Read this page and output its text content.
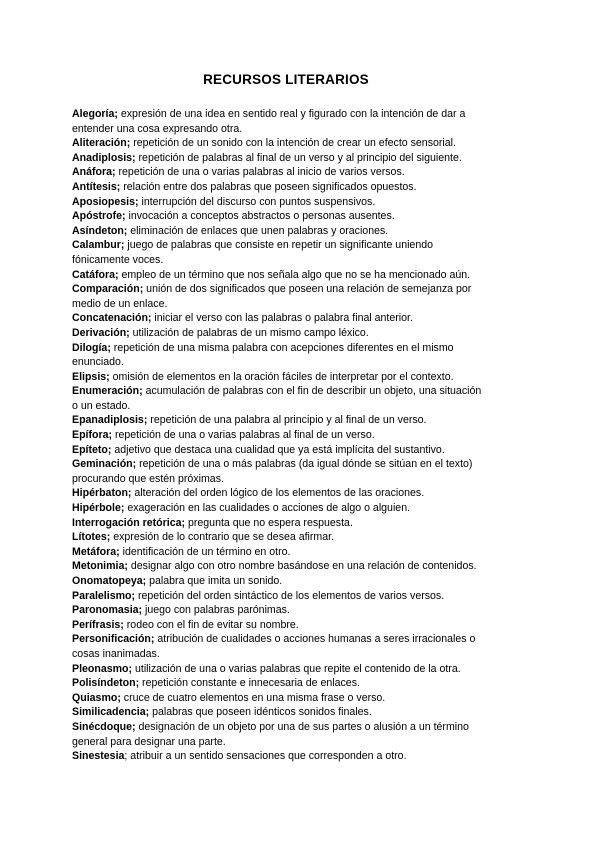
RECURSOS LITERARIOS
Alegoría; expresión de una idea en sentido real y figurado con la intención de dar a entender una cosa expresando otra.
Aliteración; repetición de un sonido con la intención de crear un efecto sensorial.
Anadiplosis; repetición de palabras al final de un verso y al principio del siguiente.
Anáfora; repetición de una o varias palabras al inicio de varios versos.
Antítesis; relación entre dos palabras que poseen significados opuestos.
Aposiopesis; interrupción del discurso con puntos suspensivos.
Apóstrofe; invocación a conceptos abstractos o personas ausentes.
Asíndeton; eliminación de enlaces que unen palabras y oraciones.
Calambur; juego de palabras que consiste en repetir un significante uniendo fónicamente voces.
Catáfora; empleo de un término que nos señala algo que no se ha mencionado aún.
Comparación; unión de dos significados que poseen una relación de semejanza por medio de un enlace.
Concatenación; iniciar el verso con las palabras o palabra final anterior.
Derivación; utilización de palabras de un mismo campo léxico.
Dilogía; repetición de una misma palabra con acepciones diferentes en el mismo enunciado.
Elipsis; omisión de elementos en la oración fáciles de interpretar por el contexto.
Enumeración; acumulación de palabras con el fin de describir un objeto, una situación o un estado.
Epanadiplosis; repetición de una palabra al principio y al final de un verso.
Epífora; repetición de una o varias palabras al final de un verso.
Epíteto; adjetivo que destaca una cualidad que ya está implícita del sustantivo.
Geminación; repetición de una o más palabras (da igual dónde se sitúan en el texto) procurando que estén próximas.
Hipérbaton; alteración del orden lógico de los elementos de las oraciones.
Hipérbole; exageración en las cualidades o acciones de algo o alguien.
Interrogación retórica; pregunta que no espera respuesta.
Lítotes; expresión de lo contrario que se desea afirmar.
Metáfora; identificación de un término en otro.
Metonimia; designar algo con otro nombre basándose en una relación de contenidos.
Onomatopeya; palabra que imita un sonido.
Paralelismo; repetición del orden sintáctico de los elementos de varios versos.
Paronomasia; juego con palabras parónimas.
Perífrasis; rodeo con el fin de evitar su nombre.
Personificación; atribución de cualidades o acciones humanas a seres irracionales o cosas inanimadas.
Pleonasmo; utilización de una o varias palabras que repite el contenido de la otra.
Polisíndeton; repetición constante e innecesaria de enlaces.
Quiasmo; cruce de cuatro elementos en una misma frase o verso.
Similicadencia; palabras que poseen idénticos sonidos finales.
Sinécdoque; designación de un objeto por una de sus partes o alusión a un término general para designar una parte.
Sinestesia; atribuir a un sentido sensaciones que corresponden a otro.
